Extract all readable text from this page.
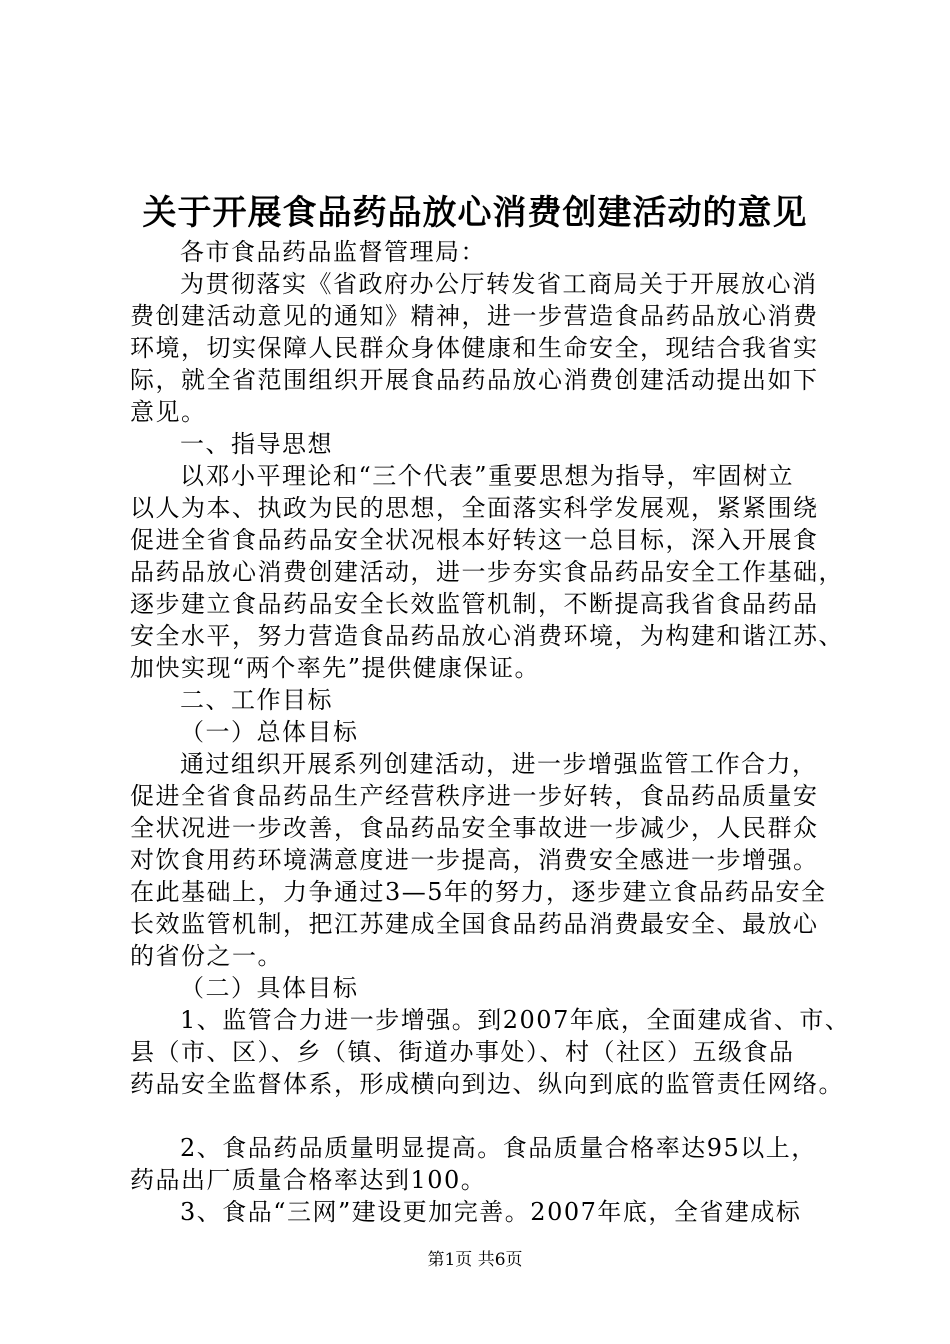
关于开展食品药品放心消费创建活动的意见
各市食品药品监督管理局：
为贯彻落实《省政府办公厅转发省工商局关于开展放心消
费创建活动意见的通知》精神，进一步营造食品药品放心消费
环境，切实保障人民群众身体健康和生命安全，现结合我省实
际，就全省范围组织开展食品药品放心消费创建活动提出如下
意见。
一、指导思想
以邓小平理论和“三个代表”重要思想为指导，牢固树立
以人为本、执政为民的思想，全面落实科学发展观，紧紧围绕
促进全省食品药品安全状况根本好转这一总目标，深入开展食
品药品放心消费创建活动，进一步夯实食品药品安全工作基础，
逐步建立食品药品安全长效监管机制，不断提高我省食品药品
安全水平，努力营造食品药品放心消费环境，为构建和谐江苏、
加快实现“两个率先”提供健康保证。
二、工作目标
（一）总体目标
通过组织开展系列创建活动，进一步增强监管工作合力，
促进全省食品药品生产经营秩序进一步好转，食品药品质量安
全状况进一步改善，食品药品安全事故进一步减少，人民群众
对饮食用药环境满意度进一步提高，消费安全感进一步增强。
在此基础上，力争通过3—5年的努力，逐步建立食品药品安全
长效监管机制，把江苏建成全国食品药品消费最安全、最放心
的省份之一。
（二）具体目标
1、监管合力进一步增强。到2007年底，全面建成省、市、
县（市、区）、乡（镇、街道办事处）、村（社区）五级食品
药品安全监督体系，形成横向到边、纵向到底的监管责任网络。
2、食品药品质量明显提高。食品质量合格率达95以上，
药品出厂质量合格率达到100。
3、食品“三网”建设更加完善。2007年底，全省建成标
第1页 共6页
